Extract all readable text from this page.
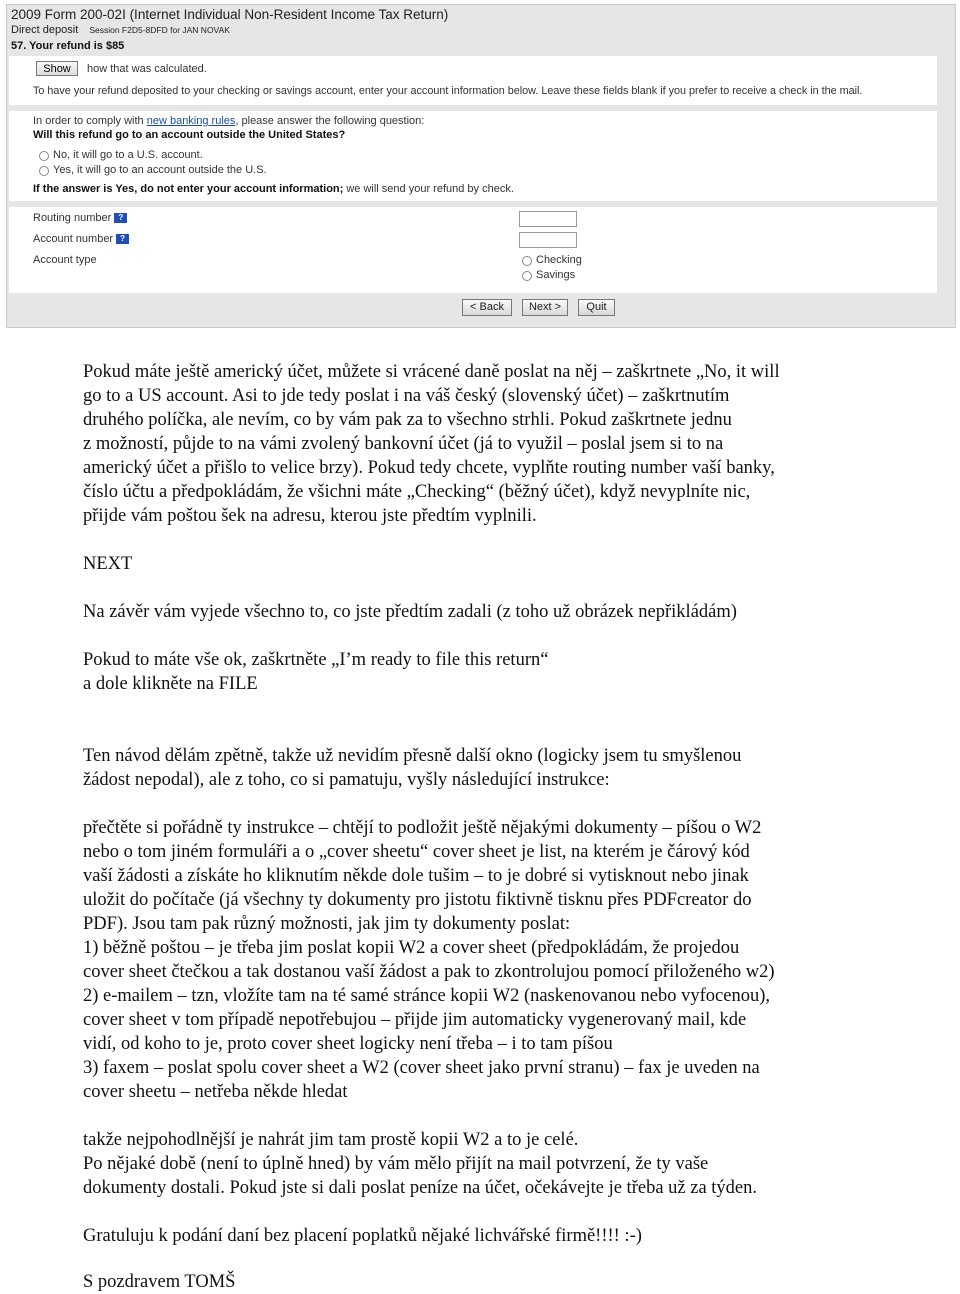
2009 Form 200-02I (Internet Individual Non-Resident Income Tax Return)
Direct deposit Session F2D5-8DFD for JAN NOVAK
57. Your refund is $85
Show	how that was calculated.
To have your refund deposited to your checking or savings account, enter your account information below. Leave these fields blank if you prefer to receive a check in the mail.
In order to comply with new banking rules, please answer the following question:
Will this refund go to an account outside the United States?
No, it will go to a U.S. account.
Yes, it will go to an account outside the U.S.
If the answer is Yes, do not enter your account information; we will send your refund by check.
Routing number ?
Account number ?
Account type	Checking
Savings
< Back	Next >	Quit
Pokud máte ještě americký účet, můžete si vrácené daně poslat na něj – zaškrtnete „No, it will
go to a US account. Asi to jde tedy poslat i na váš český (slovenský účet) – zaškrtnutím
druhého políčka, ale nevím, co by vám pak za to všechno strhli. Pokud zaškrtnete jednu
z možností, půjde to na vámi zvolený bankovní účet (já to využil – poslal jsem si to na
americký účet a přišlo to velice brzy). Pokud tedy chcete, vyplňte routing number vaší banky,
číslo účtu a předpokládám, že všichni máte „Checking“ (běžný účet), když nevyplníte nic,
přijde vám poštou šek na adresu, kterou jste předtím vyplnili.
NEXT
Na závěr vám vyjede všechno to, co jste předtím zadali (z toho už obrázek nepřikládám)
Pokud to máte vše ok, zaškrtněte „I’m ready to file this return“
a dole klikněte na FILE
Ten návod dělám zpětně, takže už nevidím přesně další okno (logicky jsem tu smyšlenou
žádost nepodal), ale z toho, co si pamatuju, vyšly následující instrukce:
přečtěte si pořádně ty instrukce – chtějí to podložit ještě nějakými dokumenty – píšou o W2
nebo o tom jiném formuláři a o „cover sheetu“ cover sheet je list, na kterém je čárový kód
vaší žádosti a získáte ho kliknutím někde dole tušim – to je dobré si vytisknout nebo jinak
uložit do počítače (já všechny ty dokumenty pro jistotu fiktivně tisknu přes PDFcreator do
PDF). Jsou tam pak různý možnosti, jak jim ty dokumenty poslat:
1) běžně poštou – je třeba jim poslat kopii W2 a cover sheet (předpokládám, že projedou
cover sheet čtečkou a tak dostanou vaší žádost a pak to zkontrolujou pomocí přiloženého w2)
2) e-mailem – tzn, vložíte tam na té samé stránce kopii W2 (naskenovanou nebo vyfocenou),
cover sheet v tom případě nepotřebujou – přijde jim automaticky vygenerovaný mail, kde
vidí, od koho to je, proto cover sheet logicky není třeba – i to tam píšou
3) faxem – poslat spolu cover sheet a W2 (cover sheet jako první stranu) – fax je uveden na
cover sheetu – netřeba někde hledat
takže nejpohodlnější je nahrát jim tam prostě kopii W2 a to je celé.
Po nějaké době (není to úplně hned) by vám mělo přijít na mail potvrzení, že ty vaše
dokumenty dostali. Pokud jste si dali poslat peníze na účet, očekávejte je třeba už za týden.
Gratuluju k podání daní bez placení poplatků nějaké lichvářské firmě!!!! :-)
S pozdravem TOMŠ
